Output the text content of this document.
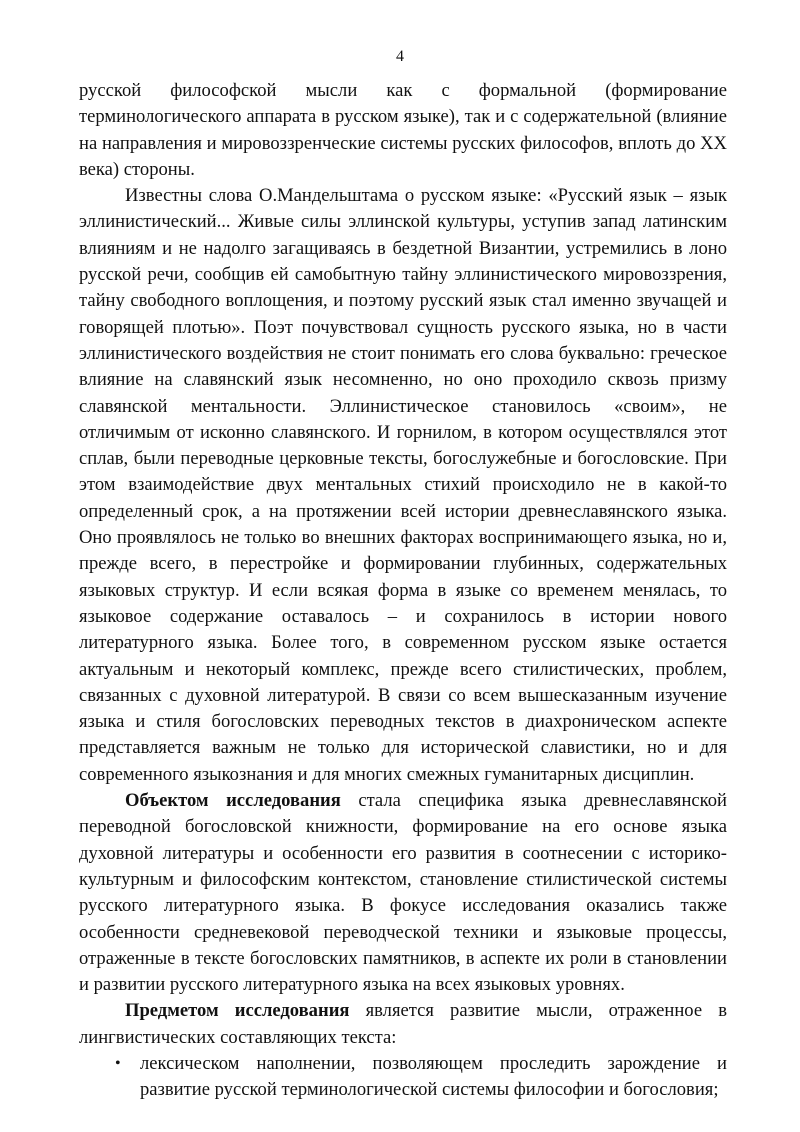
4

русской философской мысли как с формальной (формирование терминологического аппарата в русском языке), так и с содержательной (влияние на направления и мировоззренческие системы русских философов, вплоть до XX века) стороны.

Известны слова О.Мандельштама о русском языке: «Русский язык – язык эллинистический... Живые силы эллинской культуры, уступив запад латинским влияниям и не надолго загащиваясь в бездетной Византии, устремились в лоно русской речи, сообщив ей самобытную тайну эллинистического мировоззрения, тайну свободного воплощения, и поэтому русский язык стал именно звучащей и говорящей плотью». Поэт почувствовал сущность русского языка, но в части эллинистического воздействия не стоит понимать его слова буквально: греческое влияние на славянский язык несомненно, но оно проходило сквозь призму славянской ментальности. Эллинистическое становилось «своим», не отличимым от исконно славянского. И горнилом, в котором осуществлялся этот сплав, были переводные церковные тексты, богослужебные и богословские. При этом взаимодействие двух ментальных стихий происходило не в какой-то определенный срок, а на протяжении всей истории древнеславянского языка. Оно проявлялось не только во внешних факторах воспринимающего языка, но и, прежде всего, в перестройке и формировании глубинных, содержательных языковых структур. И если всякая форма в языке со временем менялась, то языковое содержание оставалось – и сохранилось в истории нового литературного языка. Более того, в современном русском языке остается актуальным и некоторый комплекс, прежде всего стилистических, проблем, связанных с духовной литературой. В связи со всем вышесказанным изучение языка и стиля богословских переводных текстов в диахроническом аспекте представляется важным не только для исторической славистики, но и для современного языкознания и для многих смежных гуманитарных дисциплин.

Объектом исследования стала специфика языка древнеславянской переводной богословской книжности, формирование на его основе языка духовной литературы и особенности его развития в соотнесении с историко-культурным и философским контекстом, становление стилистической системы русского литературного языка. В фокусе исследования оказались также особенности средневековой переводческой техники и языковые процессы, отраженные в тексте богословских памятников, в аспекте их роли в становлении и развитии русского литературного языка на всех языковых уровнях.

Предметом исследования является развитие мысли, отраженное в лингвистических составляющих текста:

• лексическом наполнении, позволяющем проследить зарождение и развитие русской терминологической системы философии и богословия;
